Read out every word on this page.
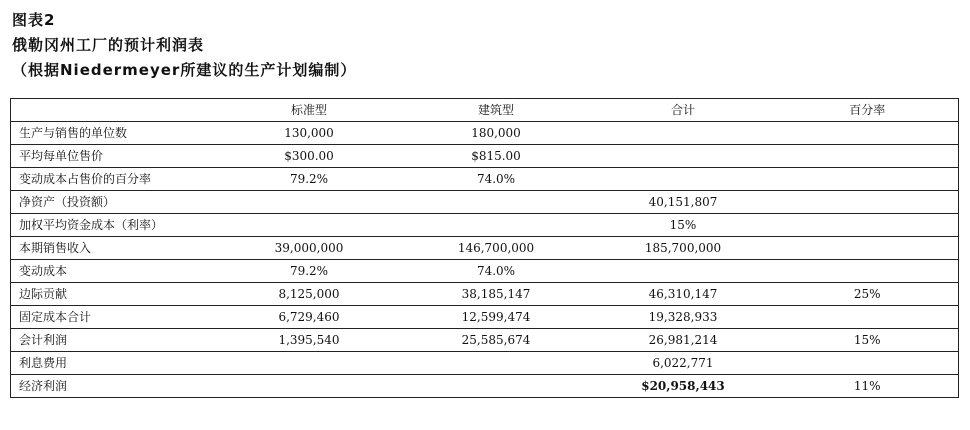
图表2
俄勒冈州工厂的预计利润表
（根据Niedermeyer所建议的生产计划编制）
	标准型	建筑型	合计	百分率
生产与销售的单位数	130,000	180,000		
平均每单位售价	$300.00	$815.00		
变动成本占售价的百分率	79.2%	74.0%		
净资产（投资额）			40,151,807	
加权平均资金成本（利率）			15%	
本期销售收入	39,000,000	146,700,000	185,700,000	
变动成本	79.2%	74.0%		
边际贡献	8,125,000	38,185,147	46,310,147	25%
固定成本合计	6,729,460	12,599,474	19,328,933	
会计利润	1,395,540	25,585,674	26,981,214	15%
利息费用			6,022,771	
经济利润			$20,958,443	11%
